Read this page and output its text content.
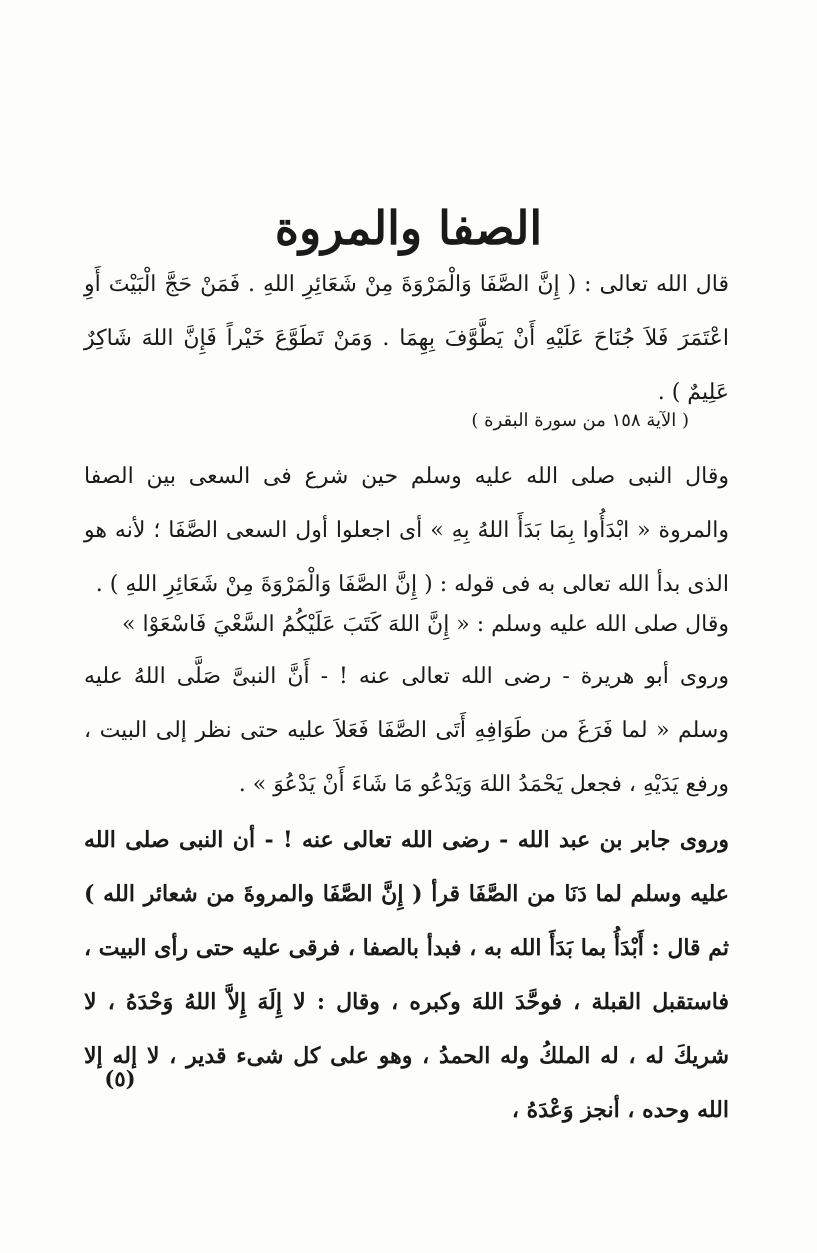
الصفا والمروة

قال الله تعالى : ( إِنَّ الصَّفَا وَالْمَرْوَةَ مِنْ شَعَائِرِ اللهِ . فَمَنْ حَجَّ الْبَيْتَ أَوِ اعْتَمَرَ فَلاَ جُنَاحَ عَلَيْهِ أَنْ يَطَّوَّفَ بِهِمَا . وَمَنْ تَطَوَّعَ خَيْراً فَإِنَّ اللهَ شَاكِرٌ عَلِيمٌ ) .

( الآية ١٥٨ من سورة البقرة )

وقال النبى صلى الله عليه وسلم حين شرع فى السعى بين الصفا والمروة « ابْدَأُوا بِمَا بَدَأَ اللهُ بِهِ » أى اجعلوا أول السعى الصَّفَا ؛ لأنه هو الذى بدأ الله تعالى به فى قوله : ( إِنَّ الصَّفَا وَالْمَرْوَةَ مِنْ شَعَائِرِ اللهِ ) .

وقال صلى الله عليه وسلم : « إِنَّ اللهَ كَتَبَ عَلَيْكُمُ السَّعْيَ فَاسْعَوْا »

وروى أبو هريرة - رضى الله تعالى عنه ! - أَنَّ النبىَّ صَلَّى اللهُ عليه وسلم « لما فَرَغَ من طَوَافِهِ أَتَى الصَّفَا فَعَلاَ عليه حتى نظر إلى البيت ، ورفع يَدَيْهِ ، فجعل يَحْمَدُ اللهَ وَيَدْعُو مَا شَاءَ أَنْ يَدْعُوَ » .

وروى جابر بن عبد الله - رضى الله تعالى عنه ! - أن النبى صلى الله عليه وسلم لما دَنَا من الصَّفَا قرأ ( إِنَّ الصَّفَا والمروةَ من شعائر الله ) ثم قال : أَبْدَأُ بما بَدَأَ الله به ، فبدأ بالصفا ، فرقى عليه حتى رأى البيت ، فاستقبل القبلة ، فوحَّدَ اللهَ وكبره ، وقال : لا إِلَهَ إِلاَّ اللهُ وَحْدَهُ ، لا شريكَ له ، له الملكُ وله الحمدُ ، وهو على كل شىء قدير ، لا إله إلا الله وحده ، أنجز وَعْدَهُ ،

(٥)
